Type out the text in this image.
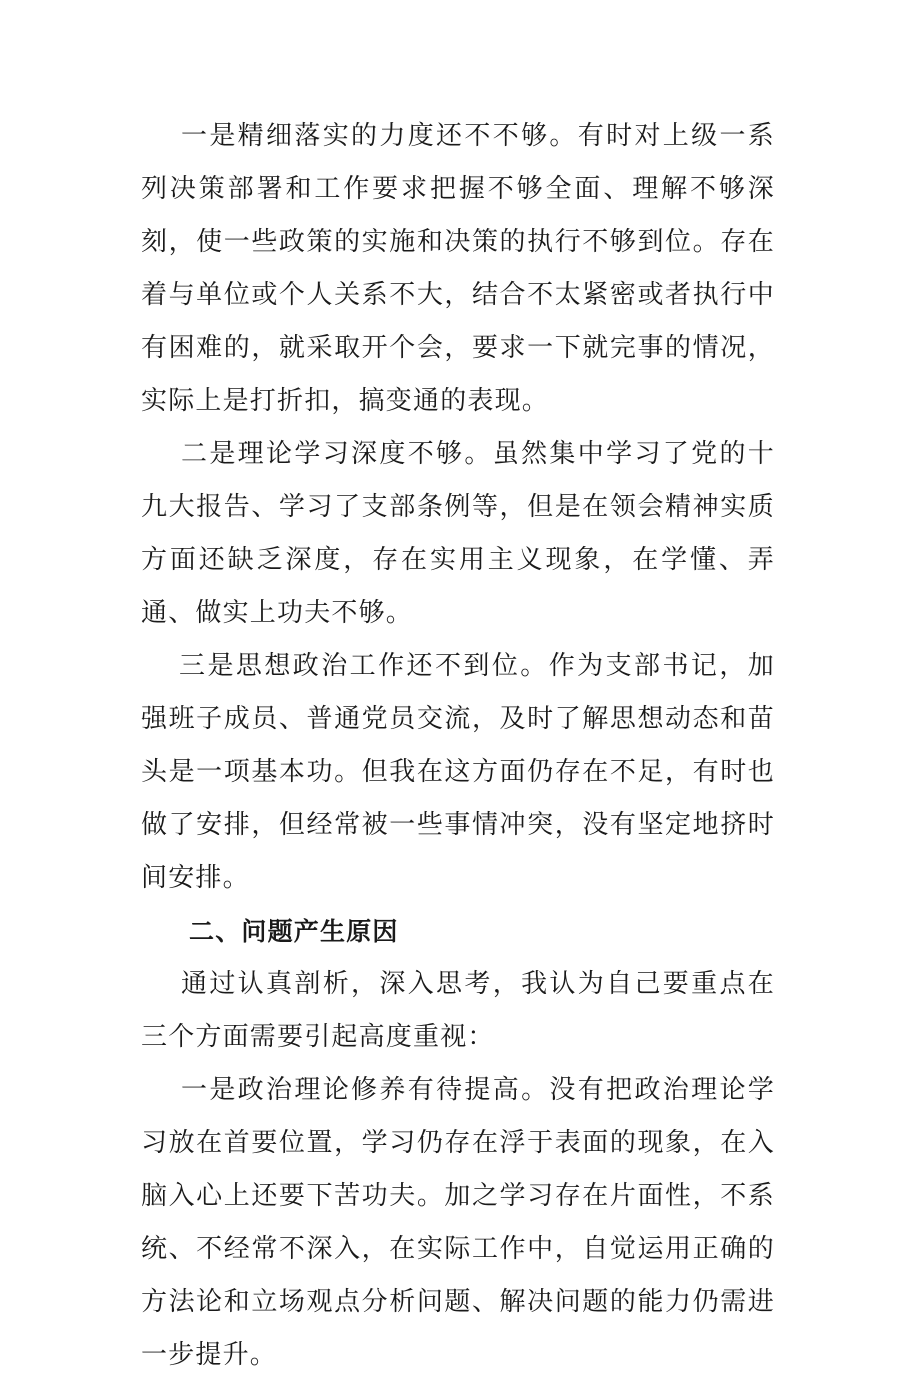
一是精细落实的力度还不不够。有时对上级一系列决策部署和工作要求把握不够全面、理解不够深刻，使一些政策的实施和决策的执行不够到位。存在着与单位或个人关系不大，结合不太紧密或者执行中有困难的，就采取开个会，要求一下就完事的情况，实际上是打折扣，搞变通的表现。

二是理论学习深度不够。虽然集中学习了党的十九大报告、学习了支部条例等，但是在领会精神实质方面还缺乏深度，存在实用主义现象，在学懂、弄通、做实上功夫不够。

三是思想政治工作还不到位。作为支部书记，加强班子成员、普通党员交流，及时了解思想动态和苗头是一项基本功。但我在这方面仍存在不足，有时也做了安排，但经常被一些事情冲突，没有坚定地挤时间安排。

二、问题产生原因

通过认真剖析，深入思考，我认为自己要重点在三个方面需要引起高度重视：

一是政治理论修养有待提高。没有把政治理论学习放在首要位置，学习仍存在浮于表面的现象，在入脑入心上还要下苦功夫。加之学习存在片面性，不系统、不经常不深入，在实际工作中，自觉运用正确的方法论和立场观点分析问题、解决问题的能力仍需进一步提升。
